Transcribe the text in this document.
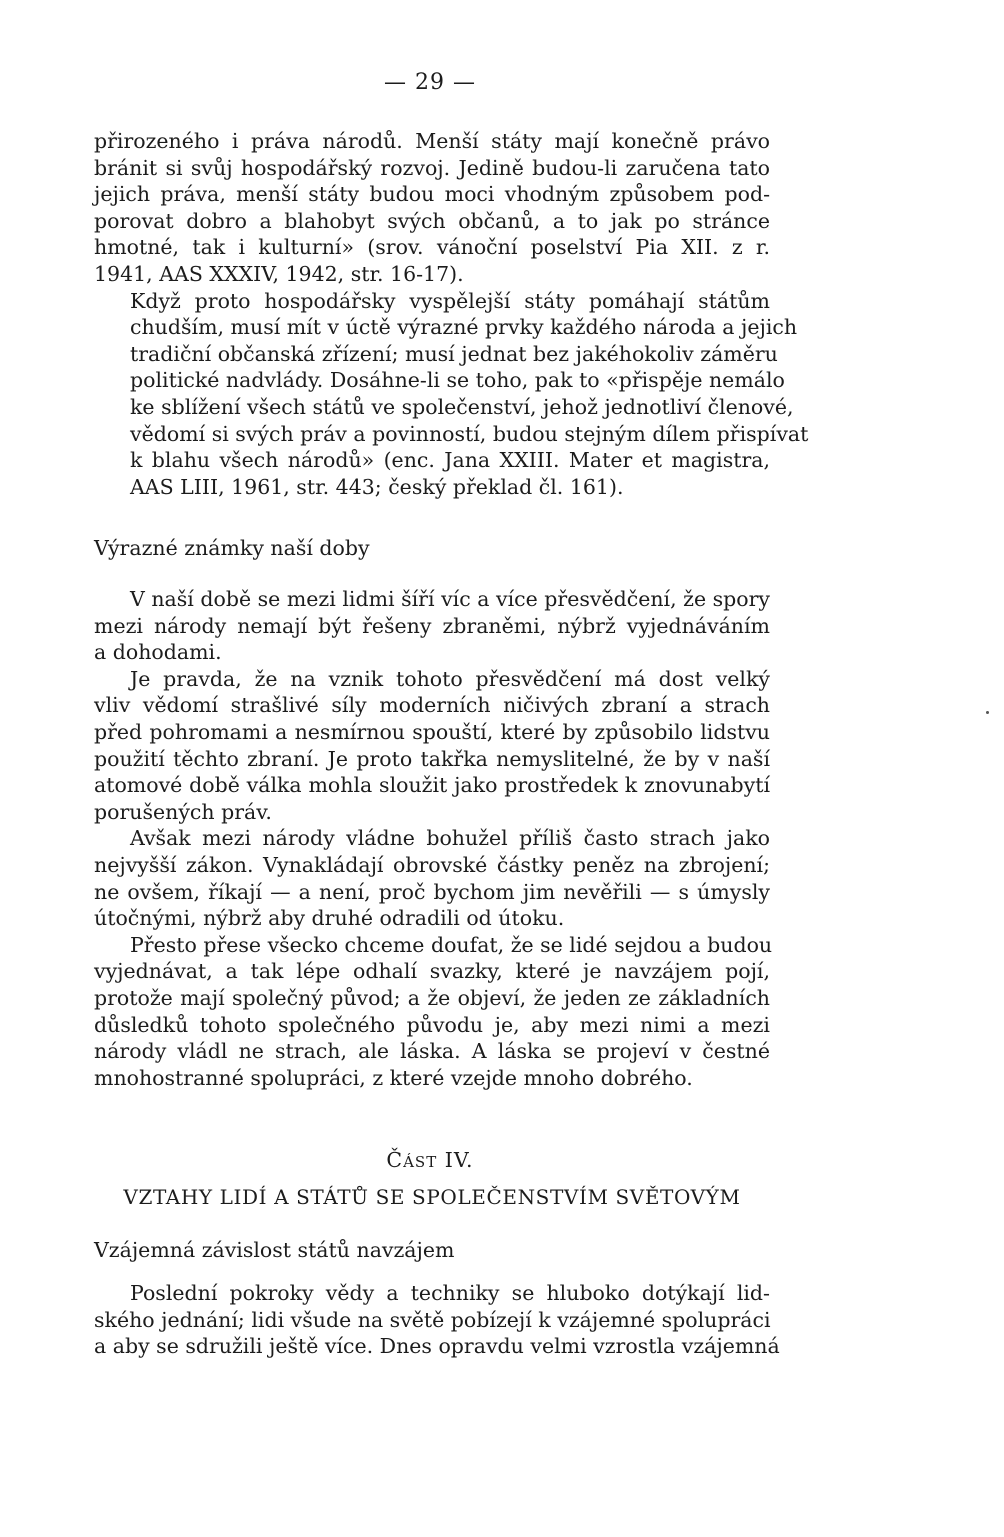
— 29 —

přirozeného i práva národů. Menší státy mají konečně právo
bránit si svůj hospodářský rozvoj. Jedině budou-li zaručena tato
jejich práva, menší státy budou moci vhodným způsobem pod-
porovat dobro a blahobyt svých občanů, a to jak po stránce
hmotné, tak i kulturní» (srov. vánoční poselství Pia XII. z r.
1941, AAS XXXIV, 1942, str. 16-17).

Když proto hospodářsky vyspělejší státy pomáhají státům
chudším, musí mít v úctě výrazné prvky každého národa a jejich
tradiční občanská zřízení; musí jednat bez jakéhokoliv záměru
politické nadvlády. Dosáhne-li se toho, pak to «přispěje nemálo
ke sblížení všech států ve společenství, jehož jednotliví členové,
vědomí si svých práv a povinností, budou stejným dílem přispívat
k blahu všech národů» (enc. Jana XXIII. Mater et magistra,
AAS LIII, 1961, str. 443; český překlad čl. 161).

Výrazné známky naší doby

V naší době se mezi lidmi šíří víc a více přesvědčení, že spory
mezi národy nemají být řešeny zbraněmi, nýbrž vyjednáváním
a dohodami.

Je pravda, že na vznik tohoto přesvědčení má dost velký
vliv vědomí strašlivé síly moderních ničivých zbraní a strach
před pohromami a nesmírnou spouští, které by způsobilo lidstvu
použití těchto zbraní. Je proto takřka nemyslitelné, že by v naší
atomové době válka mohla sloužit jako prostředek k znovunabytí
porušených práv.

Avšak mezi národy vládne bohužel příliš často strach jako
nejvyšší zákon. Vynakládají obrovské částky peněz na zbrojení;
ne ovšem, říkají — a není, proč bychom jim nevěřili — s úmysly
útočnými, nýbrž aby druhé odradili od útoku.

Přesto přese všecko chceme doufat, že se lidé sejdou a budou
vyjednávat, a tak lépe odhalí svazky, které je navzájem pojí,
protože mají společný původ; a že objeví, že jeden ze základních
důsledků tohoto společného původu je, aby mezi nimi a mezi
národy vládl ne strach, ale láska. A láska se projeví v čestné
mnohostranné spolupráci, z které vzejde mnoho dobrého.

ČÁST IV.
VZTAHY LIDÍ A STÁTŮ SE SPOLEČENSTVÍM SVĚTOVÝM
Vzájemná závislost států navzájem

Poslední pokroky vědy a techniky se hluboko dotýkají lid-
ského jednání; lidi všude na světě pobízejí k vzájemné spolupráci
a aby se sdružili ještě více. Dnes opravdu velmi vzrostla vzájemná
